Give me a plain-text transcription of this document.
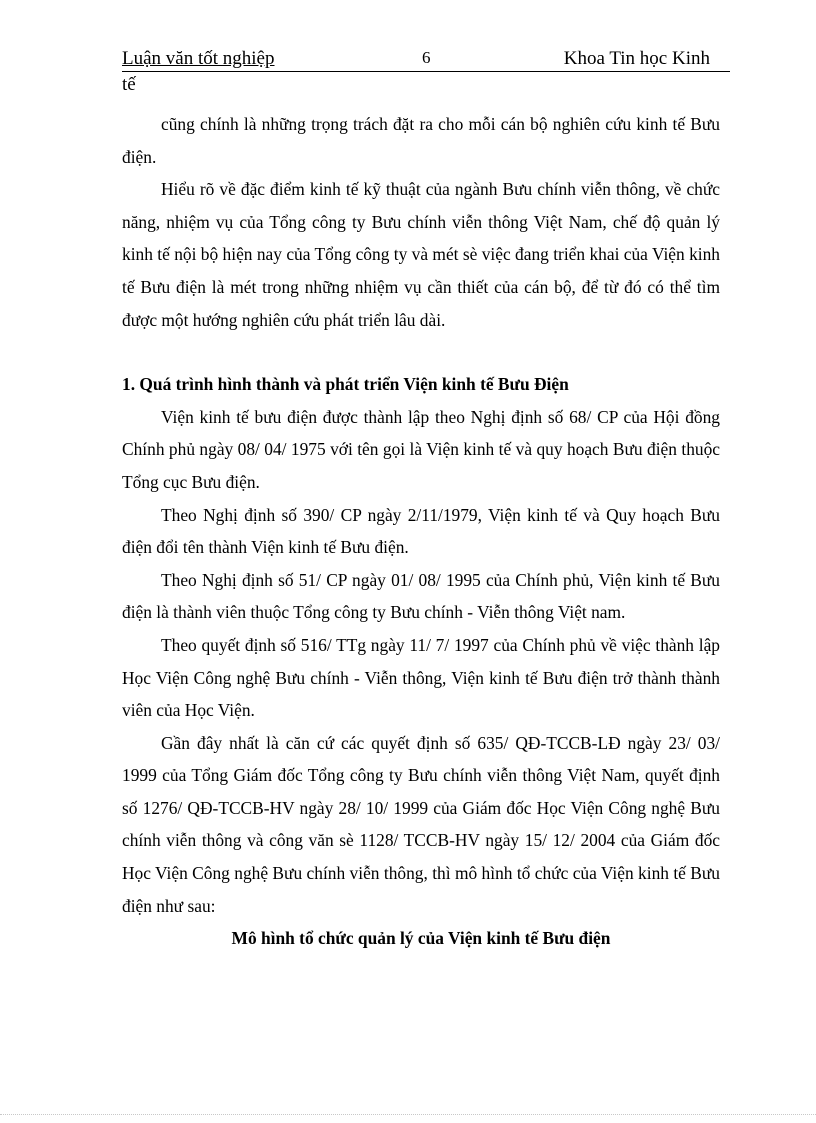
Luận văn tốt nghiệp	6	Khoa Tin học Kinh
tế

cũng chính là những trọng trách đặt ra cho mỗi cán bộ nghiên cứu kinh tế Bưu điện.

Hiểu rõ về đặc điểm kinh tế kỹ thuật của ngành Bưu chính viễn thông, về chức năng, nhiệm vụ của Tổng công ty Bưu chính viễn thông Việt Nam, chế độ quản lý kinh tế nội bộ hiện nay của Tổng công ty và mét sè việc đang triển khai của Viện kinh tế Bưu điện là mét trong những nhiệm vụ cần thiết của cán bộ, để từ đó có thể tìm được một hướng nghiên cứu phát triển lâu dài.

1. Quá trình hình thành và phát triển Viện kinh tế Bưu Điện

Viện kinh tế bưu điện được thành lập theo Nghị định số 68/ CP của Hội đồng Chính phủ ngày 08/ 04/ 1975 với tên gọi là Viện kinh tế và quy hoạch Bưu điện thuộc Tổng cục Bưu điện.

Theo Nghị định số 390/ CP ngày 2/11/1979, Viện kinh tế và Quy hoạch Bưu điện đổi tên thành Viện kinh tế Bưu điện.

Theo Nghị định số 51/ CP ngày 01/ 08/ 1995 của Chính phủ, Viện kinh tế Bưu điện là thành viên thuộc Tổng công ty Bưu chính - Viễn thông Việt nam.

Theo quyết định số 516/ TTg ngày 11/ 7/ 1997 của Chính phủ về việc thành lập Học Viện Công nghệ Bưu chính - Viễn thông, Viện kinh tế Bưu điện trở thành thành viên của Học Viện.

Gần đây nhất là căn cứ các quyết định số 635/ QĐ-TCCB-LĐ ngày 23/ 03/ 1999 của Tổng Giám đốc Tổng công ty Bưu chính viễn thông Việt Nam, quyết định số 1276/ QĐ-TCCB-HV ngày 28/ 10/ 1999 của Giám đốc Học Viện Công nghệ Bưu chính viễn thông và công văn sè 1128/ TCCB-HV ngày 15/ 12/ 2004 của Giám đốc Học Viện Công nghệ Bưu chính viễn thông, thì mô hình tổ chức của Viện kinh tế Bưu điện như sau:

Mô hình tổ chức quản lý của Viện kinh tế Bưu điện
